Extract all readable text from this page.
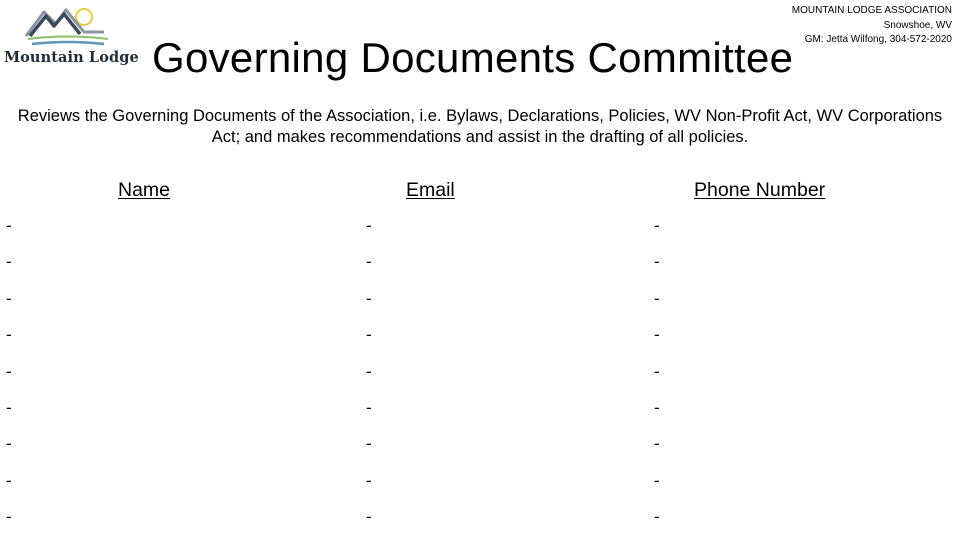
Mountain Lodge
MOUNTAIN LODGE ASSOCIATION
Snowshoe, WV
GM: Jetta Wilfong, 304-572-2020
Governing Documents Committee
Reviews the Governing Documents of the Association, i.e. Bylaws, Declarations, Policies, WV Non-Profit Act, WV Corporations Act; and makes recommendations and assist in the drafting of all policies.
Name	Email	Phone Number
-
-
-
-
-
-
-
-
-
-
-
-
-
-
-
-
-
-
-
-
-
-
-
-
-
-
-
